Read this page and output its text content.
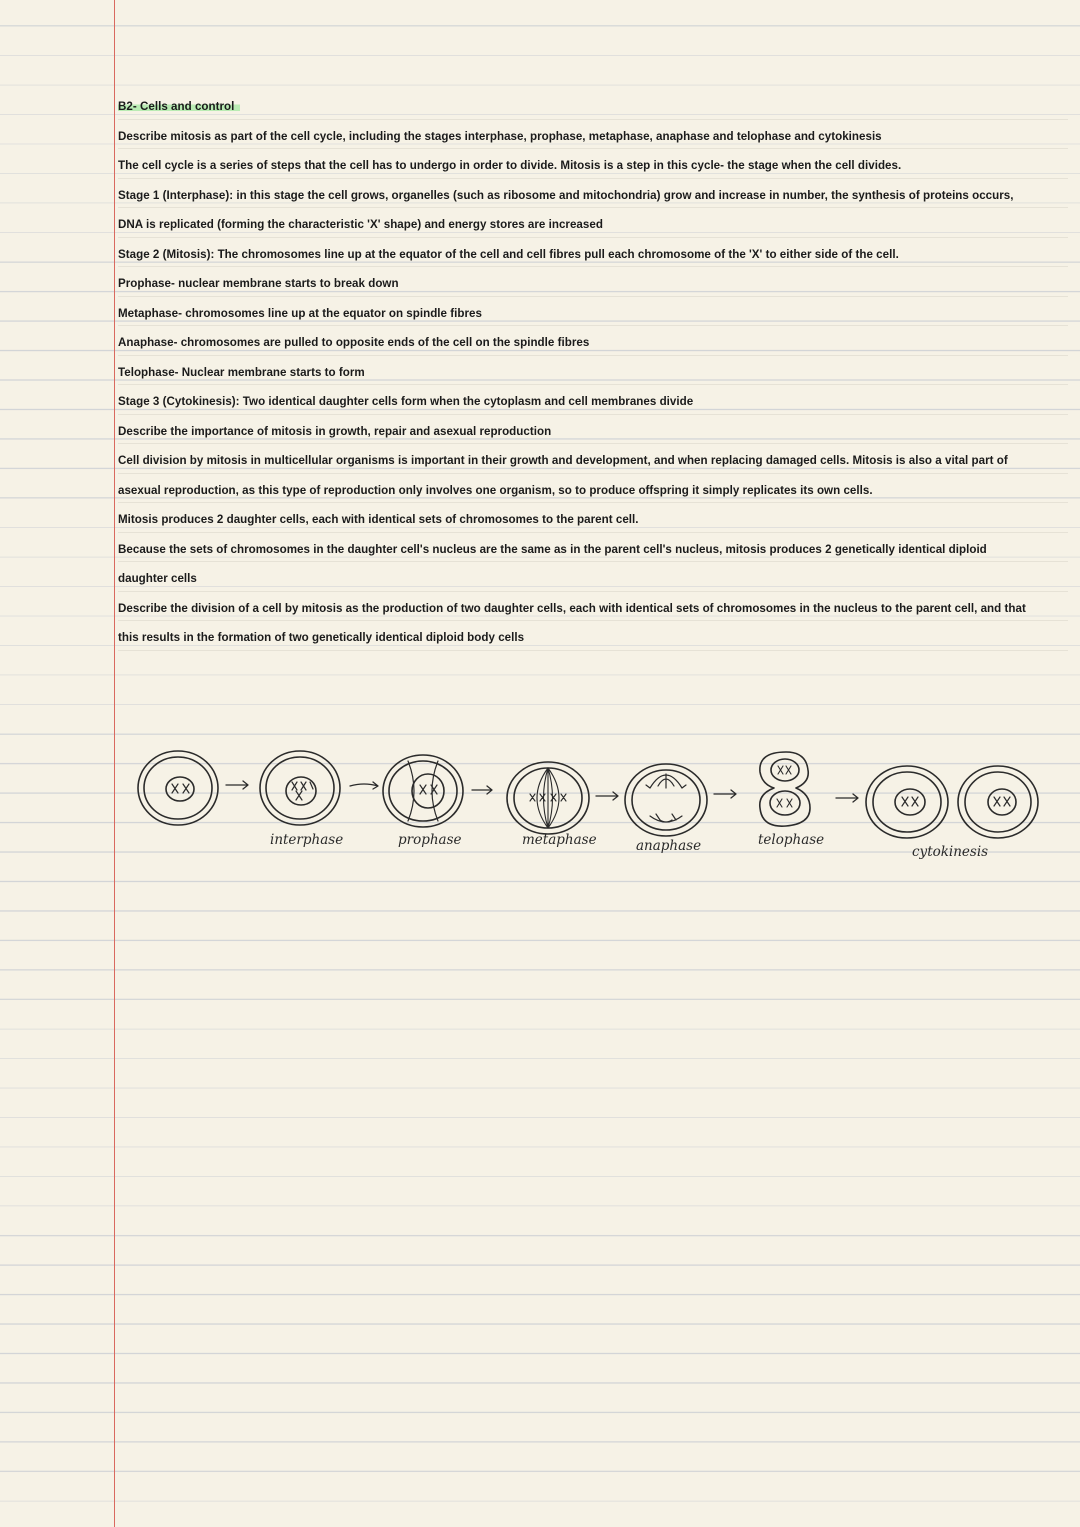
B2- Cells and control
Describe mitosis as part of the cell cycle, including the stages interphase, prophase, metaphase, anaphase and telophase and cytokinesis
The cell cycle is a series of steps that the cell has to undergo in order to divide. Mitosis is a step in this cycle- the stage when the cell divides.
Stage 1 (Interphase): in this stage the cell grows, organelles (such as ribosome and mitochondria) grow and increase in number, the synthesis of proteins occurs,
DNA is replicated (forming the characteristic 'X' shape) and energy stores are increased
Stage 2 (Mitosis): The chromosomes line up at the equator of the cell and cell fibres pull each chromosome of the 'X' to either side of the cell.
Prophase- nuclear membrane starts to break down
Metaphase- chromosomes line up at the equator on spindle fibres
Anaphase- chromosomes are pulled to opposite ends of the cell on the spindle fibres
Telophase- Nuclear membrane starts to form
Stage 3 (Cytokinesis): Two identical daughter cells form when the cytoplasm and cell membranes divide
Describe the importance of mitosis in growth, repair and asexual reproduction
Cell division by mitosis in multicellular organisms is important in their growth and development, and when replacing damaged cells. Mitosis is also a vital part of
asexual reproduction, as this type of reproduction only involves one organism, so to produce offspring it simply replicates its own cells.
Mitosis produces 2 daughter cells, each with identical sets of chromosomes to the parent cell.
Because the sets of chromosomes in the daughter cell's nucleus are the same as in the parent cell's nucleus, mitosis produces 2 genetically identical diploid
daughter cells
Describe the division of a cell by mitosis as the production of two daughter cells, each with identical sets of chromosomes in the nucleus to the parent cell, and that
this results in the formation of two genetically identical diploid body cells
interphase	prophase	metaphase	anaphase	telophase
cytokinesis
